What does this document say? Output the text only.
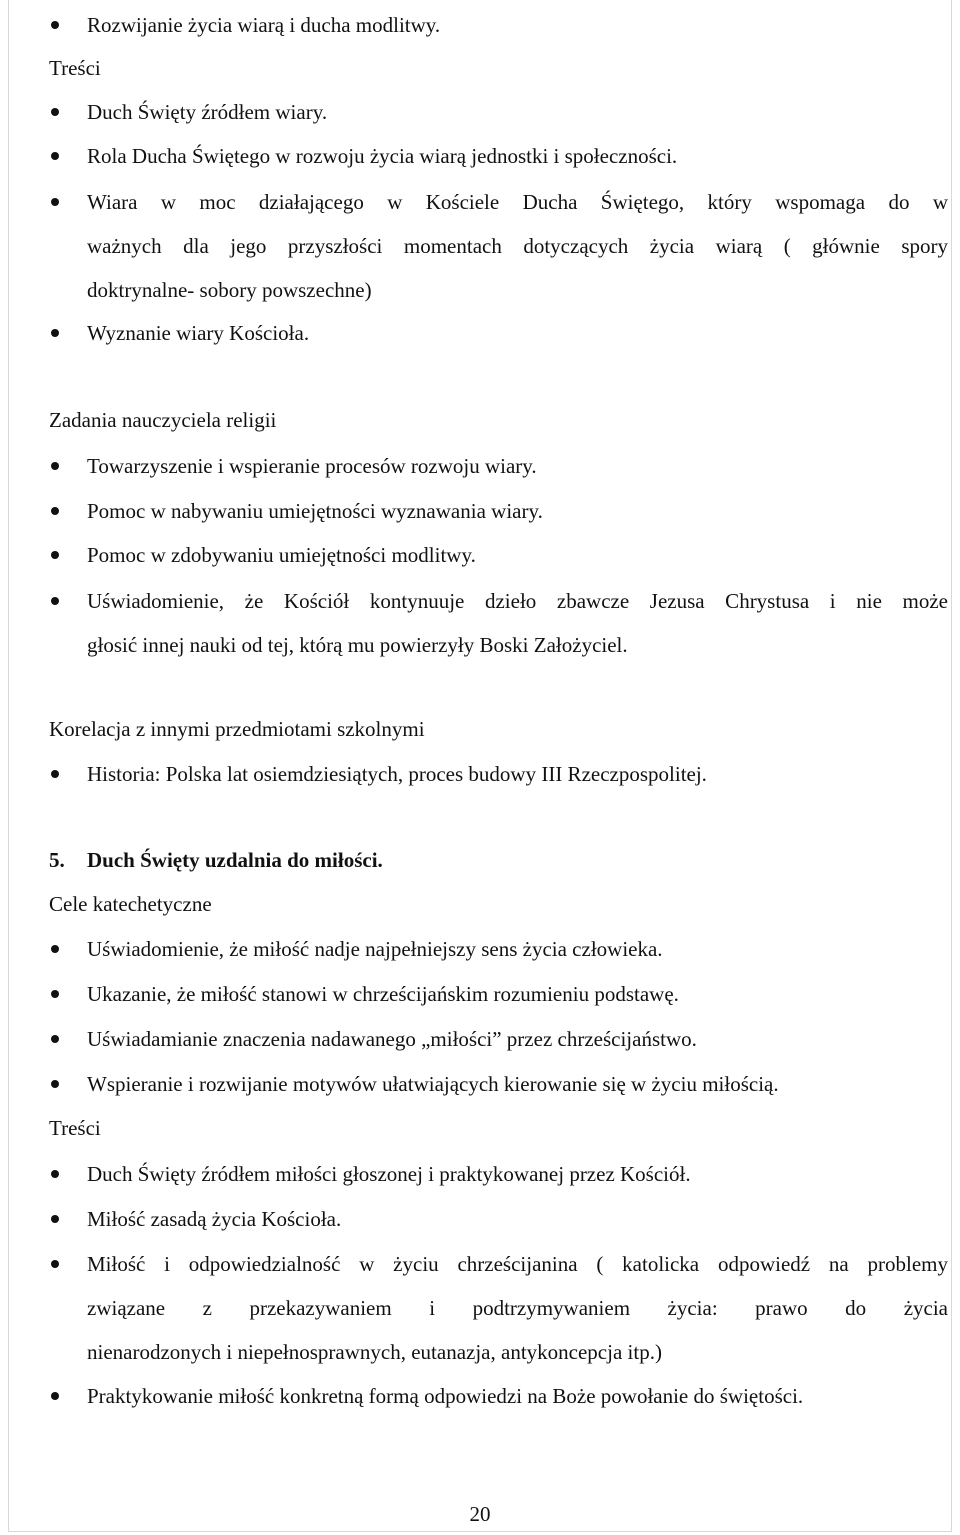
Rozwijanie życia wiarą i ducha modlitwy.
Treści
Duch Święty źródłem wiary.
Rola Ducha Świętego w rozwoju życia wiarą jednostki i społeczności.
Wiara w moc działającego w Kościele Ducha Świętego, który wspomaga do w
ważnych dla jego przyszłości momentach dotyczących życia wiarą ( głównie spory
doktrynalne- sobory powszechne)
Wyznanie wiary Kościoła.
Zadania nauczyciela religii
Towarzyszenie i wspieranie procesów rozwoju wiary.
Pomoc w nabywaniu umiejętności wyznawania wiary.
Pomoc w zdobywaniu umiejętności modlitwy.
Uświadomienie, że Kościół kontynuuje dzieło zbawcze Jezusa Chrystusa i nie może
głosić innej nauki od tej, którą mu powierzyły Boski Założyciel.
Korelacja z innymi przedmiotami szkolnymi
Historia: Polska lat osiemdziesiątych, proces budowy III Rzeczpospolitej.
5. Duch Święty uzdalnia do miłości.
Cele katechetyczne
Uświadomienie, że miłość nadje najpełniejszy sens życia człowieka.
Ukazanie, że miłość stanowi w chrześcijańskim rozumieniu podstawę.
Uświadamianie znaczenia nadawanego „miłości” przez chrześcijaństwo.
Wspieranie i rozwijanie motywów ułatwiających kierowanie się w życiu miłością.
Treści
Duch Święty źródłem miłości głoszonej i praktykowanej przez Kościół.
Miłość zasadą życia Kościoła.
Miłość i odpowiedzialność w życiu chrześcijanina ( katolicka odpowiedź na problemy
związane z przekazywaniem i podtrzymywaniem życia: prawo do życia
nienarodzonych i niepełnosprawnych, eutanazja, antykoncepcja itp.)
Praktykowanie miłość konkretną formą odpowiedzi na Boże powołanie do świętości.
20
